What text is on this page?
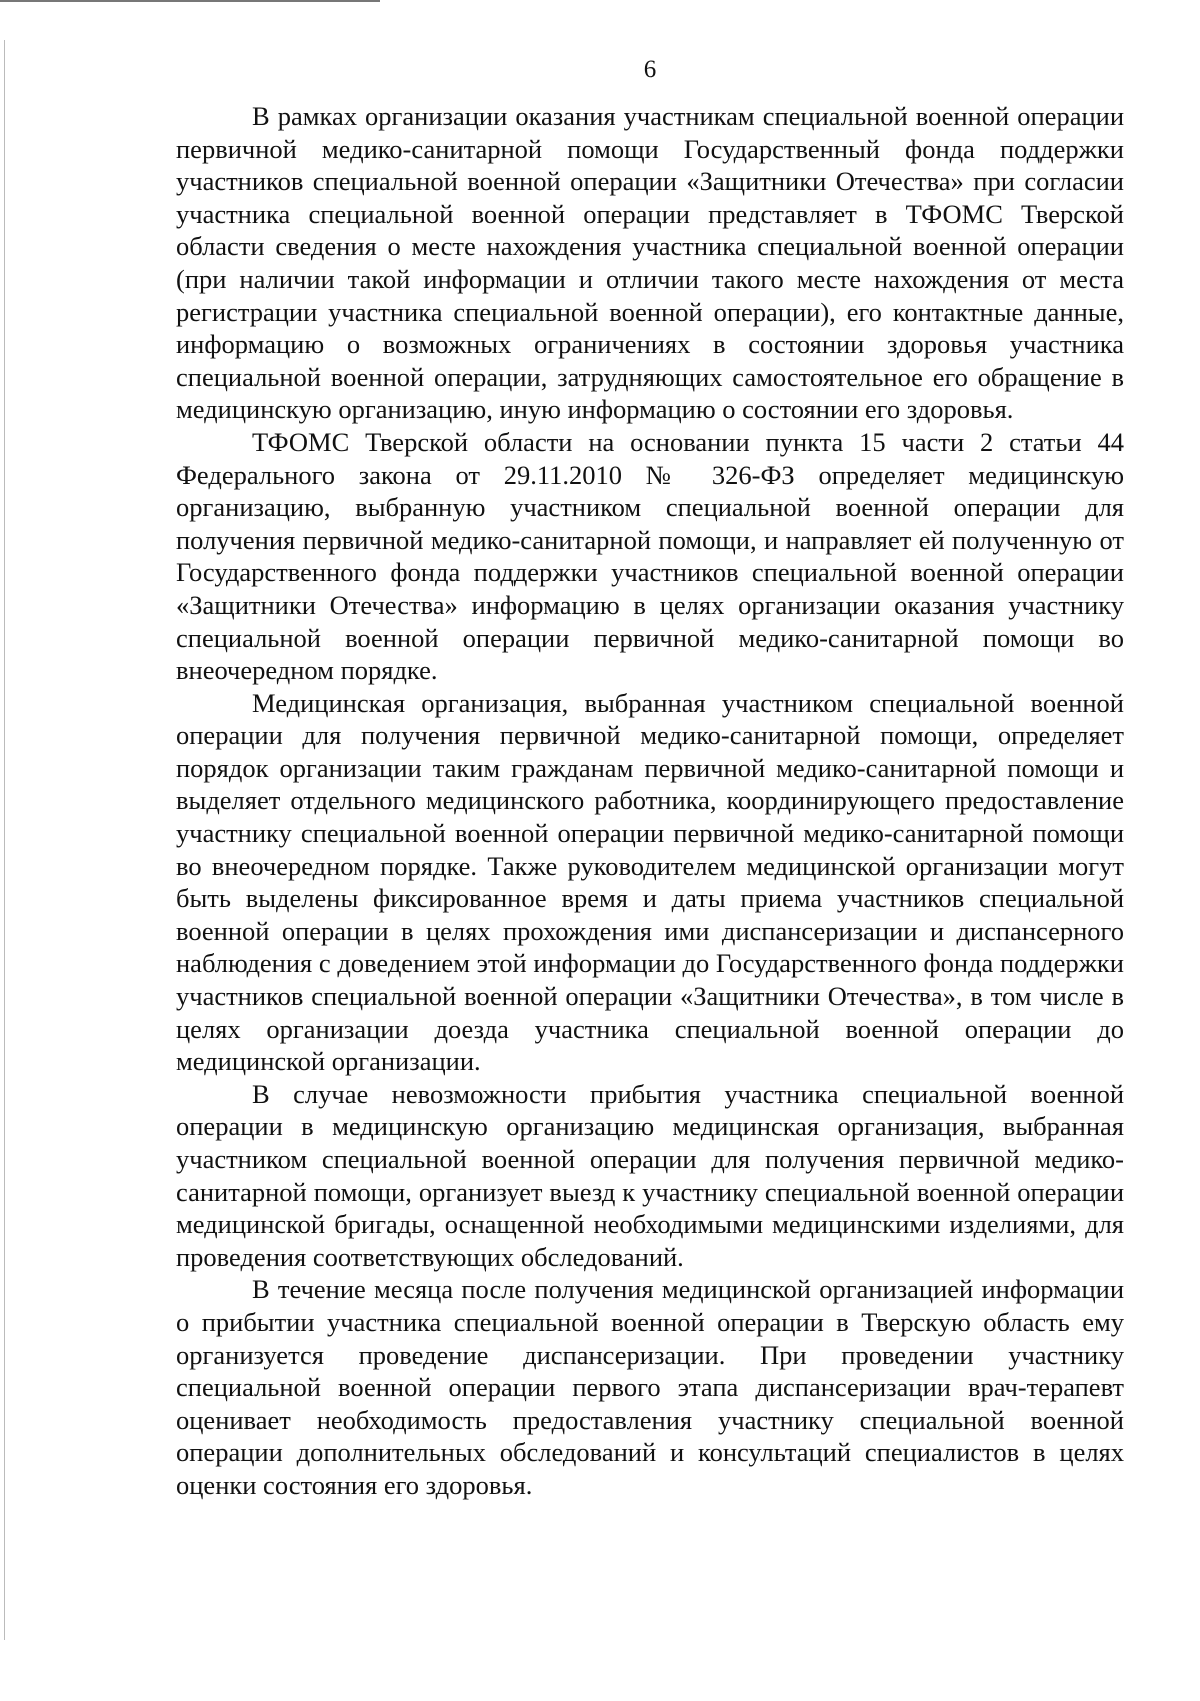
6

В рамках организации оказания участникам специальной военной операции первичной медико-санитарной помощи Государственный фонда поддержки участников специальной военной операции «Защитники Отечества» при согласии участника специальной военной операции представляет в ТФОМС Тверской области сведения о месте нахождения участника специальной военной операции (при наличии такой информации и отличии такого месте нахождения от места регистрации участника специальной военной операции), его контактные данные, информацию о возможных ограничениях в состоянии здоровья участника специальной военной операции, затрудняющих самостоятельное его обращение в медицинскую организацию, иную информацию о состоянии его здоровья.

ТФОМС Тверской области на основании пункта 15 части 2 статьи 44 Федерального закона от 29.11.2010 № 326-ФЗ определяет медицинскую организацию, выбранную участником специальной военной операции для получения первичной медико-санитарной помощи, и направляет ей полученную от Государственного фонда поддержки участников специальной военной операции «Защитники Отечества» информацию в целях организации оказания участнику специальной военной операции первичной медико-санитарной помощи во внеочередном порядке.

Медицинская организация, выбранная участником специальной военной операции для получения первичной медико-санитарной помощи, определяет порядок организации таким гражданам первичной медико-санитарной помощи и выделяет отдельного медицинского работника, координирующего предоставление участнику специальной военной операции первичной медико-санитарной помощи во внеочередном порядке. Также руководителем медицинской организации могут быть выделены фиксированное время и даты приема участников специальной военной операции в целях прохождения ими диспансеризации и диспансерного наблюдения с доведением этой информации до Государственного фонда поддержки участников специальной военной операции «Защитники Отечества», в том числе в целях организации доезда участника специальной военной операции до медицинской организации.

В случае невозможности прибытия участника специальной военной операции в медицинскую организацию медицинская организация, выбранная участником специальной военной операции для получения первичной медико-санитарной помощи, организует выезд к участнику специальной военной операции медицинской бригады, оснащенной необходимыми медицинскими изделиями, для проведения соответствующих обследований.

В течение месяца после получения медицинской организацией информации о прибытии участника специальной военной операции в Тверскую область ему организуется проведение диспансеризации. При проведении участнику специальной военной операции первого этапа диспансеризации врач-терапевт оценивает необходимость предоставления участнику специальной военной операции дополнительных обследований и консультаций специалистов в целях оценки состояния его здоровья.
